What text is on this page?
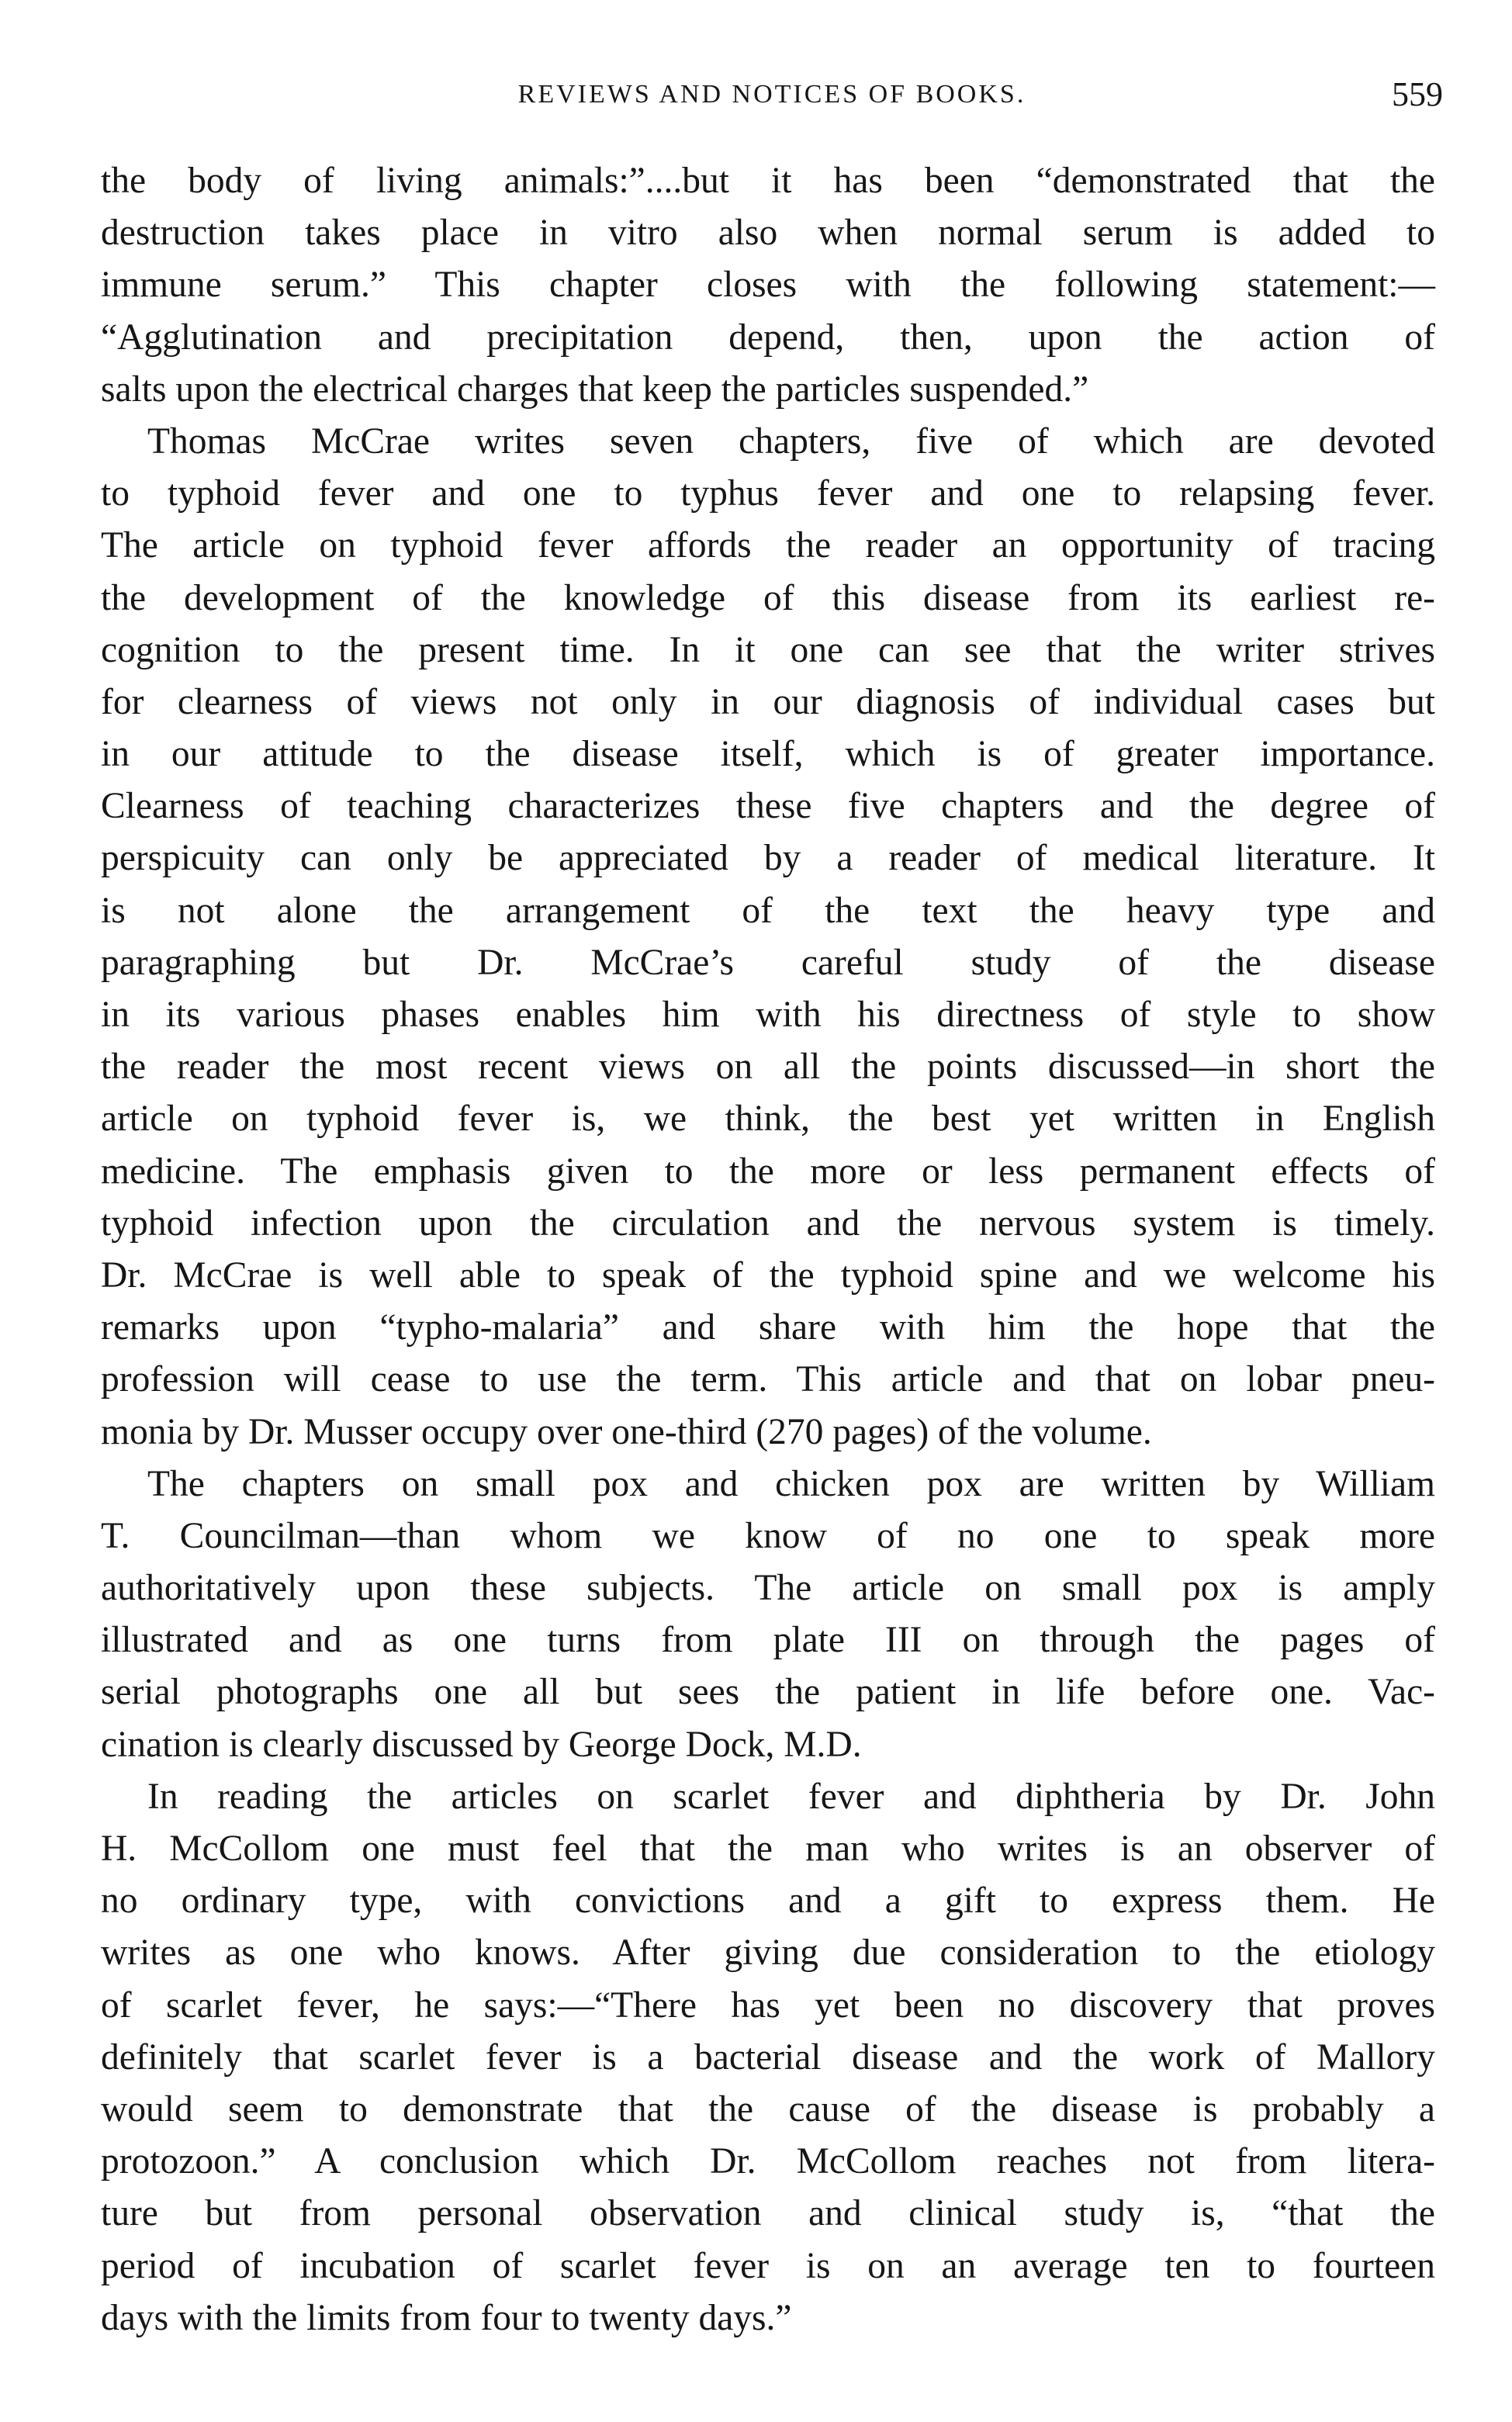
REVIEWS AND NOTICES OF BOOKS.	559
the body of living animals:”....but it has been “demonstrated that the
destruction takes place in vitro also when normal serum is added to
immune serum.” This chapter closes with the following statement:—
“Agglutination and precipitation depend, then, upon the action of
salts upon the electrical charges that keep the particles suspended.”
Thomas McCrae writes seven chapters, five of which are devoted
to typhoid fever and one to typhus fever and one to relapsing fever.
The article on typhoid fever affords the reader an opportunity of tracing
the development of the knowledge of this disease from its earliest re-
cognition to the present time. In it one can see that the writer strives
for clearness of views not only in our diagnosis of individual cases but
in our attitude to the disease itself, which is of greater importance.
Clearness of teaching characterizes these five chapters and the degree of
perspicuity can only be appreciated by a reader of medical literature. It
is not alone the arrangement of the text the heavy type and
paragraphing but Dr. McCrae’s careful study of the disease
in its various phases enables him with his directness of style to show
the reader the most recent views on all the points discussed—in short the
article on typhoid fever is, we think, the best yet written in English
medicine. The emphasis given to the more or less permanent effects of
typhoid infection upon the circulation and the nervous system is timely.
Dr. McCrae is well able to speak of the typhoid spine and we welcome his
remarks upon “typho-malaria” and share with him the hope that the
profession will cease to use the term. This article and that on lobar pneu-
monia by Dr. Musser occupy over one-third (270 pages) of the volume.
The chapters on small pox and chicken pox are written by William
T. Councilman—than whom we know of no one to speak more
authoritatively upon these subjects. The article on small pox is amply
illustrated and as one turns from plate III on through the pages of
serial photographs one all but sees the patient in life before one. Vac-
cination is clearly discussed by George Dock, M.D.
In reading the articles on scarlet fever and diphtheria by Dr. John
H. McCollom one must feel that the man who writes is an observer of
no ordinary type, with convictions and a gift to express them. He
writes as one who knows. After giving due consideration to the etiology
of scarlet fever, he says:—“There has yet been no discovery that proves
definitely that scarlet fever is a bacterial disease and the work of Mallory
would seem to demonstrate that the cause of the disease is probably a
protozoon.” A conclusion which Dr. McCollom reaches not from litera-
ture but from personal observation and clinical study is, “that the
period of incubation of scarlet fever is on an average ten to fourteen
days with the limits from four to twenty days.”
